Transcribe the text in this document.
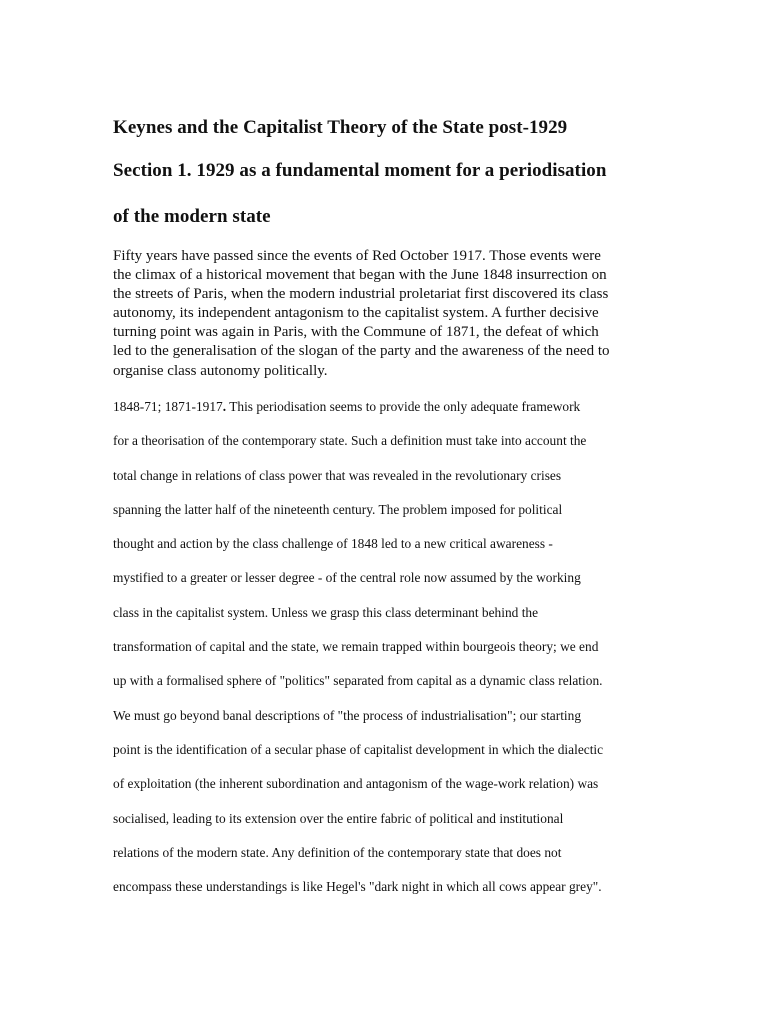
Keynes and the Capitalist Theory of the State post-1929
Section 1. 1929 as a fundamental moment for a periodisation
of the modern state

Fifty years have passed since the events of Red October 1917. Those events were
the climax of a historical movement that began with the June 1848 insurrection on
the streets of Paris, when the modern industrial proletariat first discovered its class
autonomy, its independent antagonism to the capitalist system. A further decisive
turning point was again in Paris, with the Commune of 1871, the defeat of which
led to the generalisation of the slogan of the party and the awareness of the need to
organise class autonomy politically.

1848-71; 1871-1917. This periodisation seems to provide the only adequate framework
for a theorisation of the contemporary state. Such a definition must take into account the
total change in relations of class power that was revealed in the revolutionary crises
spanning the latter half of the nineteenth century. The problem imposed for political
thought and action by the class challenge of 1848 led to a new critical awareness -
mystified to a greater or lesser degree - of the central role now assumed by the working
class in the capitalist system. Unless we grasp this class determinant behind the
transformation of capital and the state, we remain trapped within bourgeois theory; we end
up with a formalised sphere of "politics" separated from capital as a dynamic class relation.
We must go beyond banal descriptions of "the process of industrialisation"; our starting
point is the identification of a secular phase of capitalist development in which the dialectic
of exploitation (the inherent subordination and antagonism of the wage-work relation) was
socialised, leading to its extension over the entire fabric of political and institutional
relations of the modern state. Any definition of the contemporary state that does not
encompass these understandings is like Hegel's "dark night in which all cows appear grey".
